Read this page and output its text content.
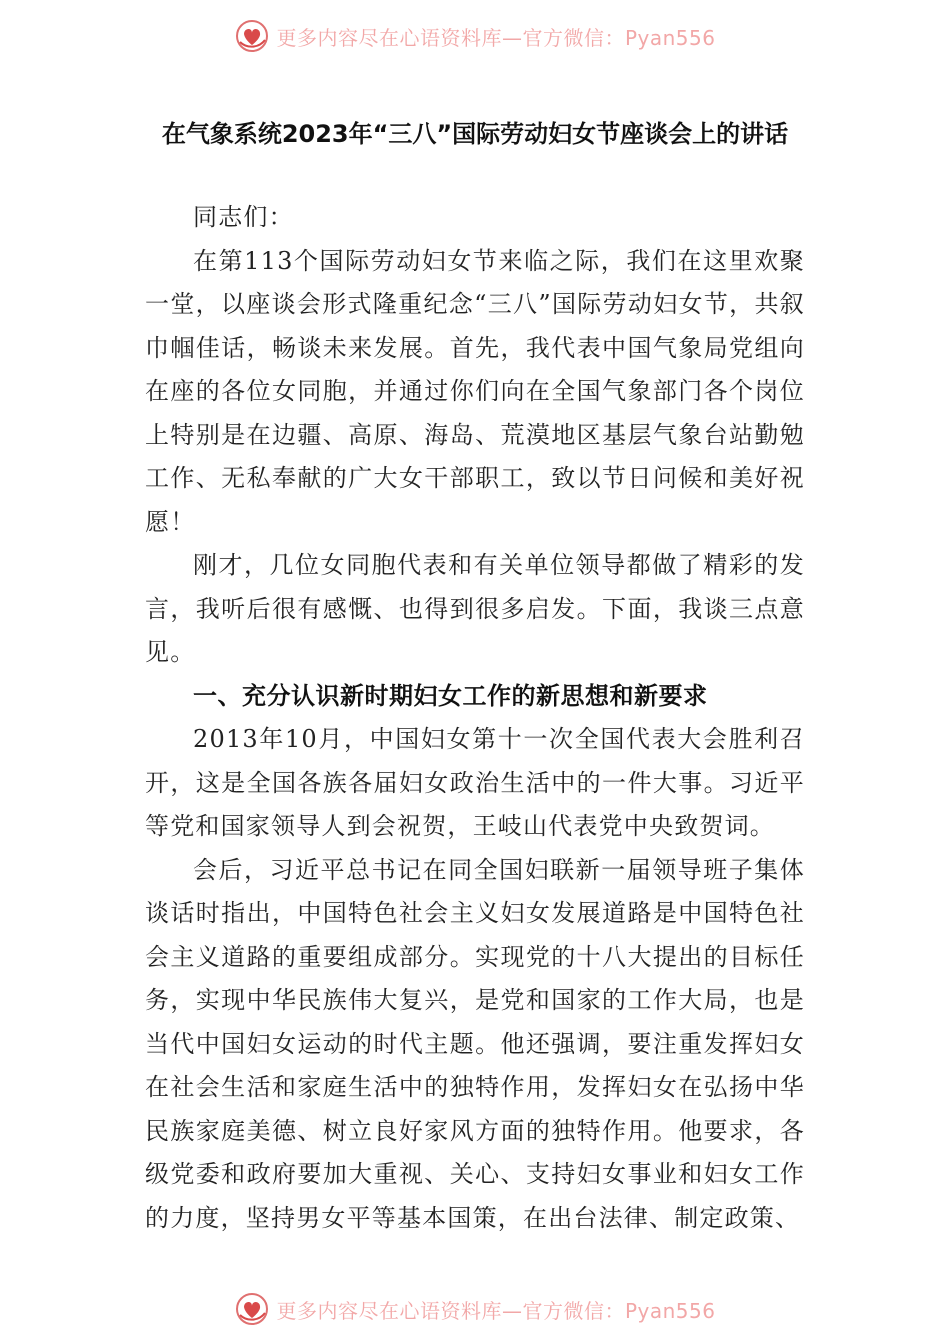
更多内容尽在心语资料库—官方微信：Pyan556
在气象系统2023年“三八”国际劳动妇女节座谈会上的讲话

同志们：

在第113个国际劳动妇女节来临之际，我们在这里欢聚一堂，以座谈会形式隆重纪念“三八”国际劳动妇女节，共叙巾帼佳话，畅谈未来发展。首先，我代表中国气象局党组向在座的各位女同胞，并通过你们向在全国气象部门各个岗位上特别是在边疆、高原、海岛、荒漠地区基层气象台站勤勉工作、无私奉献的广大女干部职工，致以节日问候和美好祝愿！

刚才，几位女同胞代表和有关单位领导都做了精彩的发言，我听后很有感慨、也得到很多启发。下面，我谈三点意见。

一、充分认识新时期妇女工作的新思想和新要求

2013年10月，中国妇女第十一次全国代表大会胜利召开，这是全国各族各届妇女政治生活中的一件大事。习近平等党和国家领导人到会祝贺，王岐山代表党中央致贺词。

会后，习近平总书记在同全国妇联新一届领导班子集体谈话时指出，中国特色社会主义妇女发展道路是中国特色社会主义道路的重要组成部分。实现党的十八大提出的目标任务，实现中华民族伟大复兴，是党和国家的工作大局，也是当代中国妇女运动的时代主题。他还强调，要注重发挥妇女在社会生活和家庭生活中的独特作用，发挥妇女在弘扬中华民族家庭美德、树立良好家风方面的独特作用。他要求，各级党委和政府要加大重视、关心、支持妇女事业和妇女工作的力度，坚持男女平等基本国策，在出台法律、制定政策、

更多内容尽在心语资料库—官方微信：Pyan556
